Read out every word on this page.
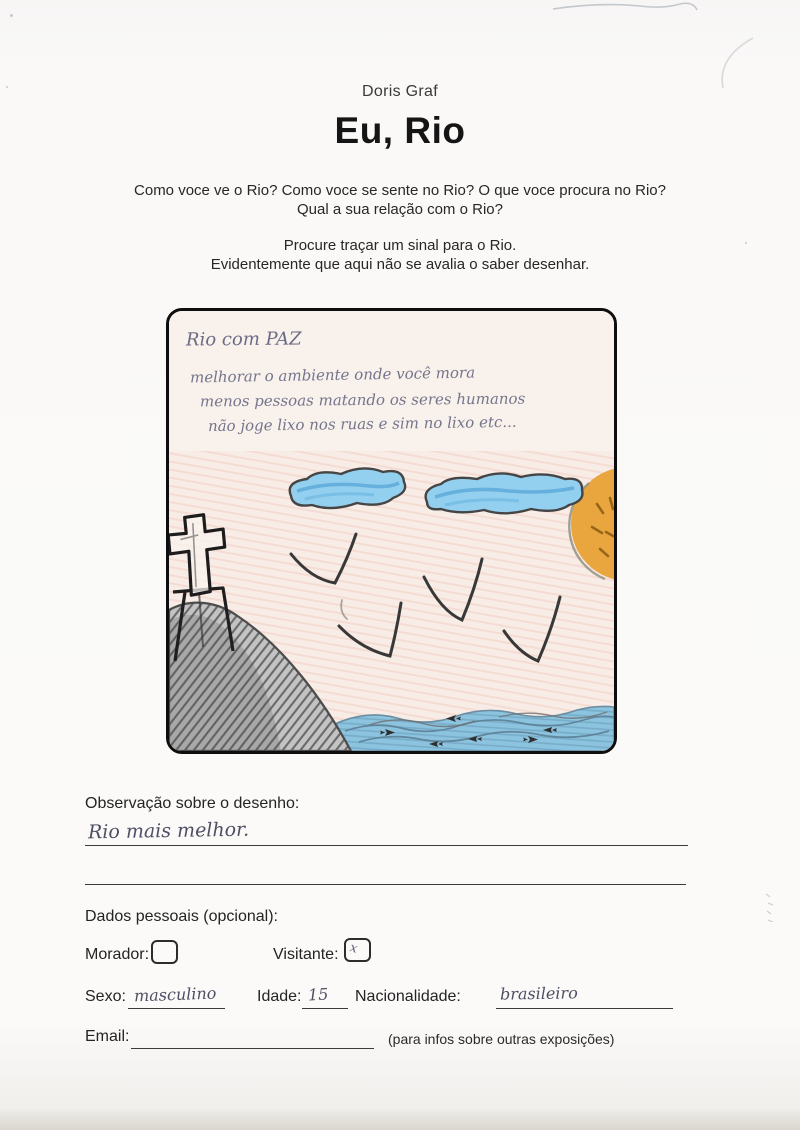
Doris Graf
Eu, Rio
Como voce ve o Rio? Como voce se sente no Rio? O que voce procura no Rio?
Qual a sua relação com o Rio?
Procure traçar um sinal para o Rio.
Evidentemente que aqui não se avalia o saber desenhar.
Rio com PAZ
melhorar o ambiente onde você mora
menos pessoas matando os seres humanos
não joge lixo nos ruas e sim no lixo etc...
Observação sobre o desenho:
Rio mais melhor.
Dados pessoais (opcional):
Morador:	Visitante: x
Sexo: masculino	Idade: 15 Nacionalidade: brasileiro
Email:	(para infos sobre outras exposições)
